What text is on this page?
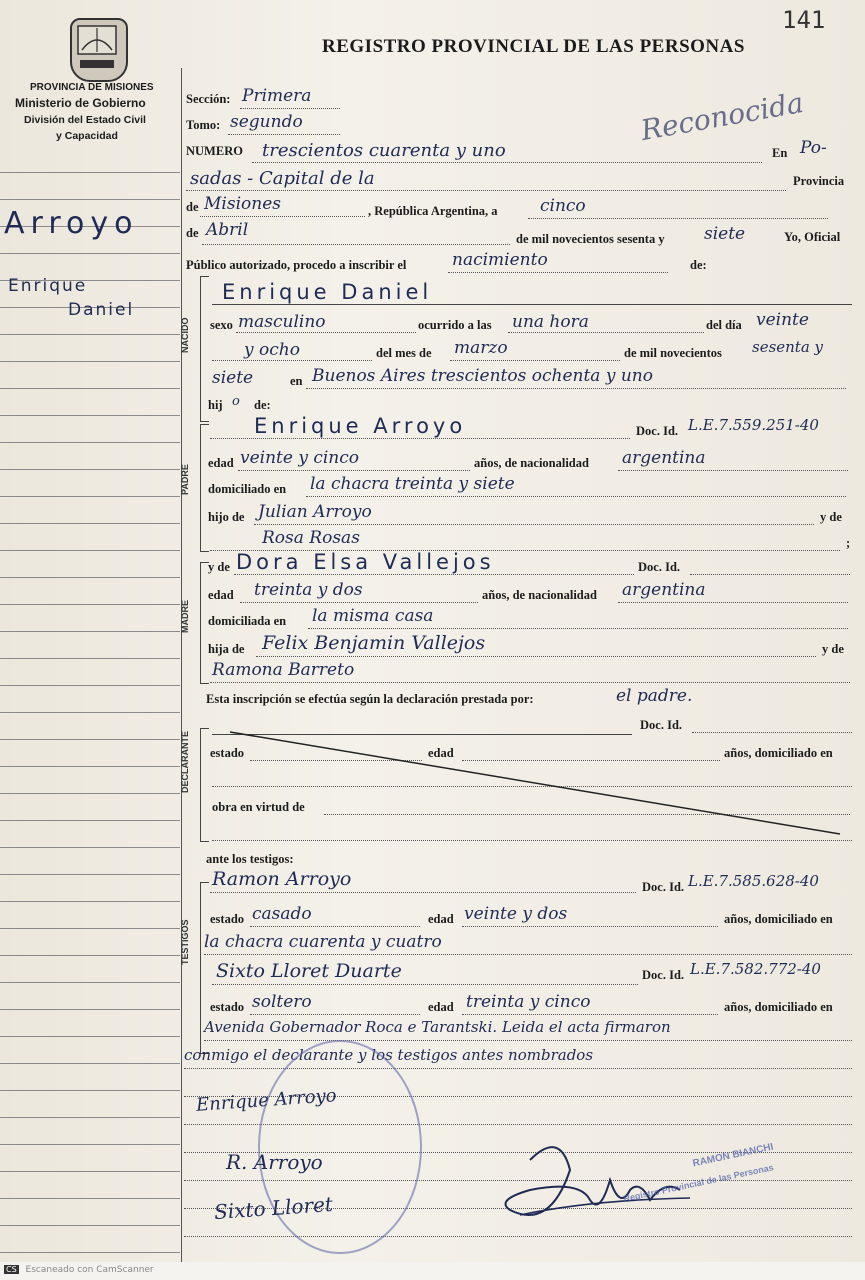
141
PROVINCIA DE MISIONES
Ministerio de Gobierno
División del Estado Civil
y Capacidad
REGISTRO PROVINCIAL DE LAS PERSONAS
Arroyo
Enrique
Daniel
Sección: Primera
Tomo: segundo	Reconocida
NUMERO trescientos cuarenta y uno	En Po-
sadas - Capital de la	Provincia
de Misiones	, República Argentina, a cinco
de Abril	de mil novecientos sesenta y siete	Yo, Oficial
Público autorizado, procedo a inscribir el	nacimiento	de:
NACIDO
Enrique Daniel
sexo masculino	ocurrido a las una hora	del día veinte
y ocho	del mes de marzo	de mil novecientos sesenta y
siete	en Buenos Aires trescientos ochenta y uno
hij o de:
PADRE
Enrique Arroyo	Doc. Id. L.E.7.559.251-40
edad veinte y cinco	años, de nacionalidad argentina
domiciliado en la chacra treinta y siete
hijo de Julian Arroyo	y de
Rosa Rosas	;
MADRE
y de Dora Elsa Vallejos	Doc. Id.
edad treinta y dos	años, de nacionalidad argentina
domiciliada en la misma casa
hija de Felix Benjamin Vallejos	y de
Ramona Barreto
Esta inscripción se efectúa según la declaración prestada por:	el padre.
DECLARANTE
Doc. Id.
estado	edad	años, domiciliado en
obra en virtud de
ante los testigos:
TESTIGOS
Ramon Arroyo	Doc. Id. L.E.7.585.628-40
estado casado	edad veinte y dos	años, domiciliado en
la chacra cuarenta y cuatro
Sixto Lloret Duarte	Doc. Id. L.E.7.582.772-40
estado soltero	edad treinta y cinco	años, domiciliado en
Avenida Gobernador Roca e Tarantski. Leida el acta firmaron
conmigo el declarante y los testigos antes nombrados
Enrique Arroyo
R. Arroyo
Sixto Lloret
RAMON BIANCHI
Registro Provincial de las Personas
CS Escaneado con CamScanner
